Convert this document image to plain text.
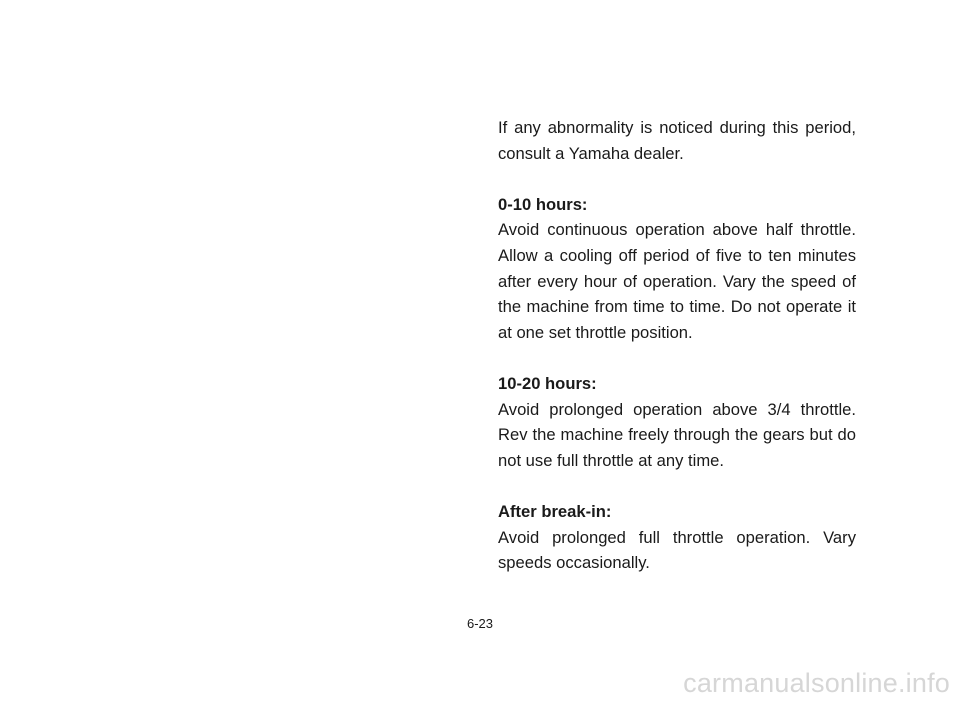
If any abnormality is noticed during this period, consult a Yamaha dealer.

0-10 hours:

Avoid continuous operation above half throttle. Allow a cooling off period of five to ten minutes after every hour of operation. Vary the speed of the machine from time to time. Do not operate it at one set throttle position.

10-20 hours:

Avoid prolonged operation above 3/4 throttle. Rev the machine freely through the gears but do not use full throttle at any time.

After break-in:

Avoid prolonged full throttle operation. Vary speeds occasionally.

6-23
carmanualsonline.info
